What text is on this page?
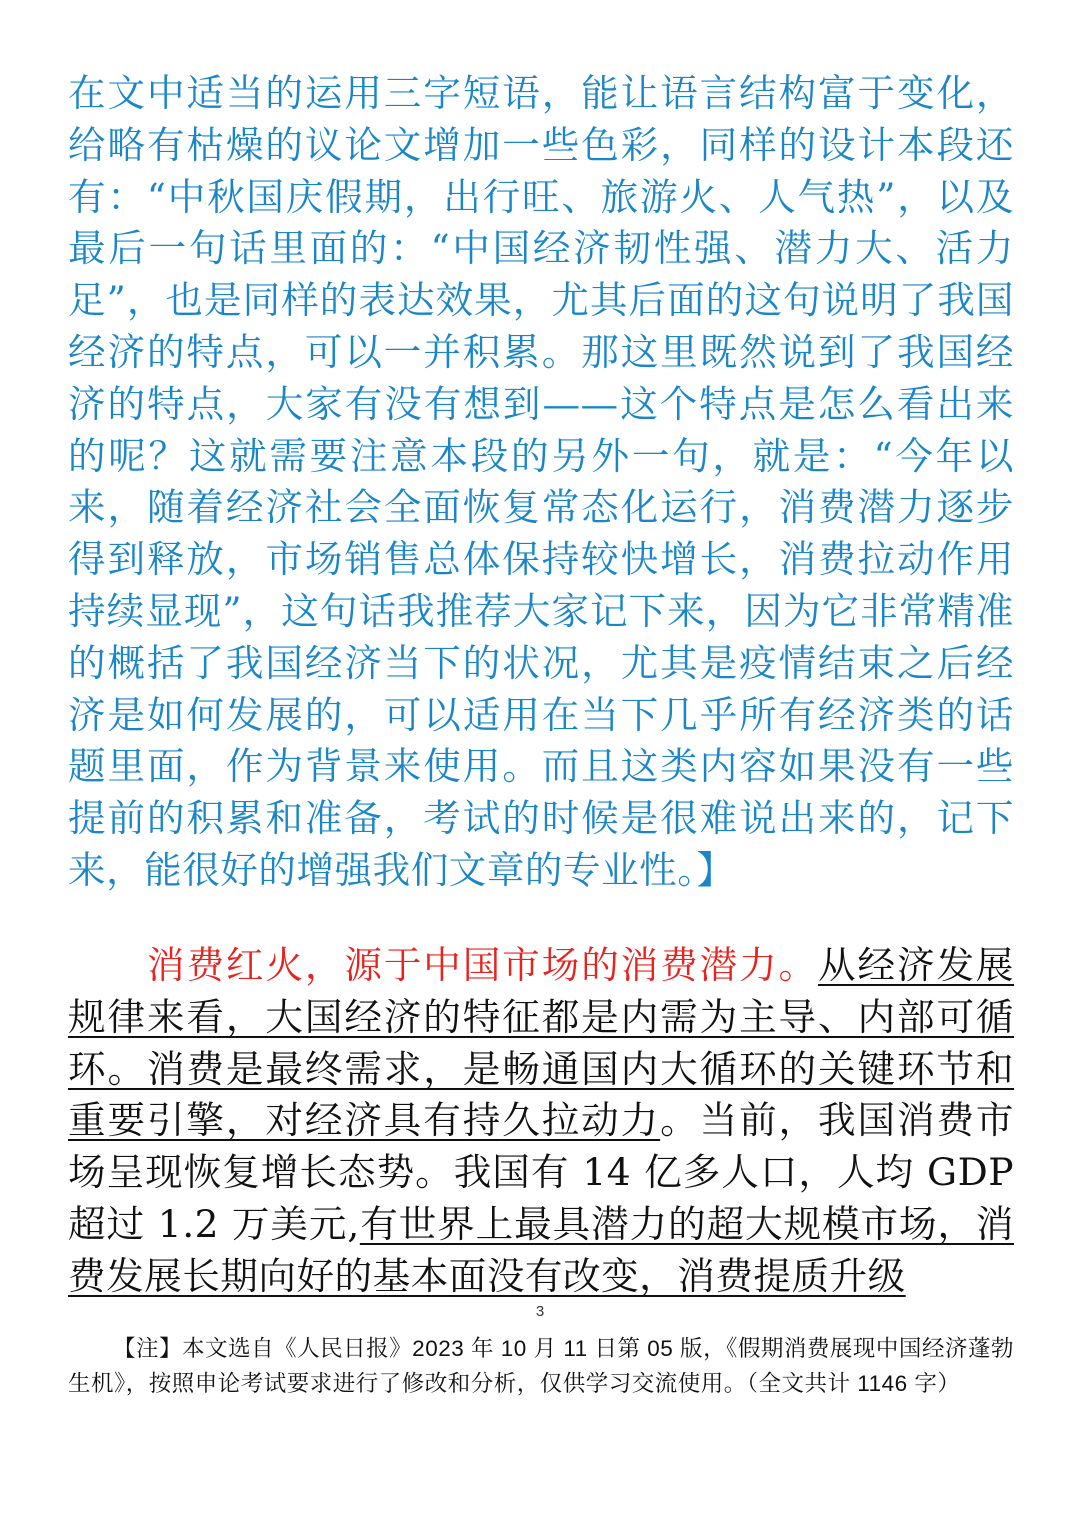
在文中适当的运用三字短语，能让语言结构富于变化，给略有枯燥的议论文增加一些色彩，同样的设计本段还有：“中秋国庆假期，出行旺、旅游火、人气热”，以及最后一句话里面的：“中国经济韧性强、潜力大、活力足”，也是同样的表达效果，尤其后面的这句说明了我国经济的特点，可以一并积累。那这里既然说到了我国经济的特点，大家有没有想到——这个特点是怎么看出来的呢？这就需要注意本段的另外一句，就是：“今年以来，随着经济社会全面恢复常态化运行，消费潜力逐步得到释放，市场销售总体保持较快增长，消费拉动作用持续显现”，这句话我推荐大家记下来，因为它非常精准的概括了我国经济当下的状况，尤其是疫情结束之后经济是如何发展的，可以适用在当下几乎所有经济类的话题里面，作为背景来使用。而且这类内容如果没有一些提前的积累和准备，考试的时候是很难说出来的，记下来，能很好的增强我们文章的专业性。】

消费红火，源于中国市场的消费潜力。从经济发展规律来看，大国经济的特征都是内需为主导、内部可循环。消费是最终需求，是畅通国内大循环的关键环节和重要引擎，对经济具有持久拉动力。当前，我国消费市场呈现恢复增长态势。我国有 14 亿多人口，人均 GDP 超过 1.2 万美元,有世界上最具潜力的超大规模市场，消费发展长期向好的基本面没有改变，消费提质升级

3

【注】本文选自《人民日报》2023 年 10 月 11 日第 05 版，《假期消费展现中国经济蓬勃生机》，按照申论考试要求进行了修改和分析，仅供学习交流使用。（全文共计 1146 字）
